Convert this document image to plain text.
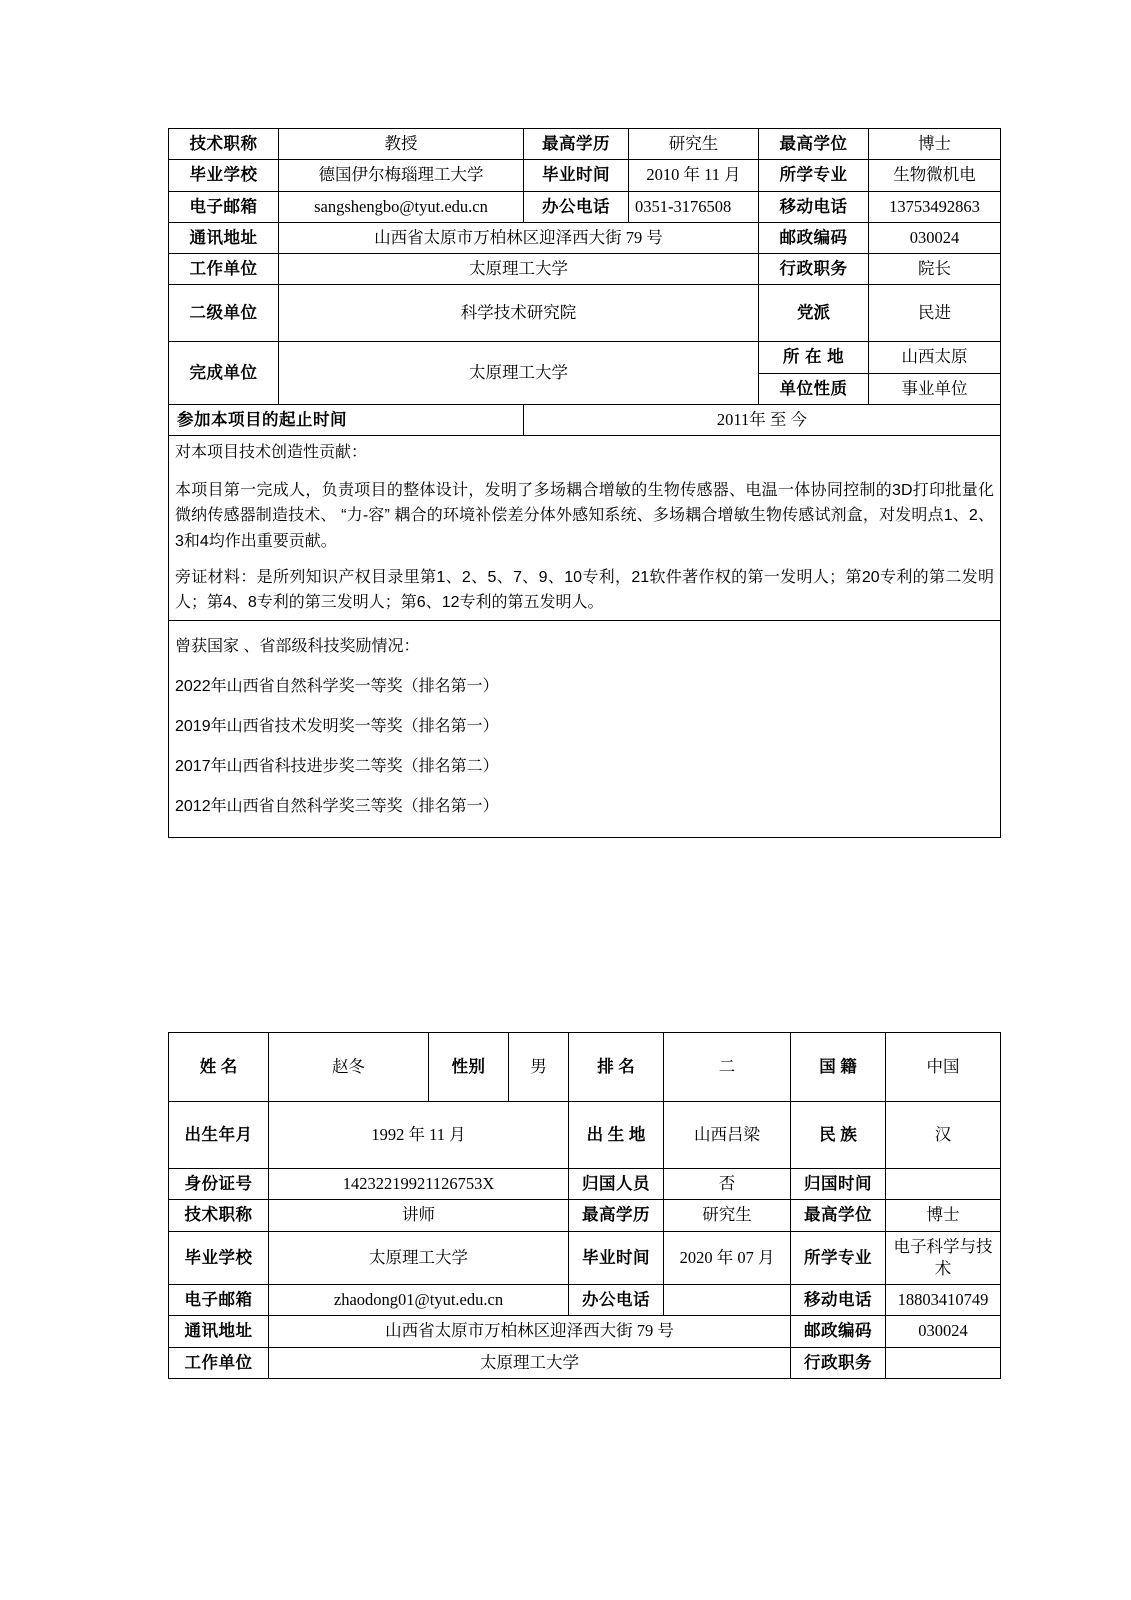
技术职称	教授	最高学历	研究生	最高学位	博士
毕业学校	德国伊尔梅瑙理工大学	毕业时间	2010 年 11 月	所学专业	生物微机电
电子邮箱	sangshengbo@tyut.edu.cn	办公电话	0351-3176508	移动电话	13753492863
通讯地址	山西省太原市万柏林区迎泽西大街 79 号			邮政编码	030024
工作单位	太原理工大学			行政职务	院长
二级单位	科学技术研究院			党派	民进
完成单位	太原理工大学			所 在 地	山西太原
				单位性质	事业单位
参加本项目的起止时间		2011年 至 今			

对本项目技术创造性贡献：

本项目第一完成人，负责项目的整体设计，发明了多场耦合增敏的生物传感器、电温一体协同控制的3D打印批量化微纳传感器制造技术、 “力-容” 耦合的环境补偿差分体外感知系统、多场耦合增敏生物传感试剂盒，对发明点1、2、3和4均作出重要贡献。

旁证材料：是所列知识产权目录里第1、2、5、7、9、10专利，21软件著作权的第一发明人；第20专利的第二发明人；第4、8专利的第三发明人；第6、12专利的第五发明人。					

曾获国家 、省部级科技奖励情况：

2022年山西省自然科学奖一等奖（排名第一）

2019年山西省技术发明奖一等奖（排名第一）

2017年山西省科技进步奖二等奖（排名第二）

2012年山西省自然科学奖三等奖（排名第一）					

姓 名	赵冬	性别	男	排 名	二	国 籍	中国
出生年月	1992 年 11 月			出 生 地	山西吕梁	民 族	汉
身份证号	14232219921126753X			归国人员	否	归国时间	
技术职称	讲师			最高学历	研究生	最高学位	博士
毕业学校	太原理工大学			毕业时间	2020 年 07 月	所学专业	电子科学与技术
电子邮箱	zhaodong01@tyut.edu.cn			办公电话		移动电话	18803410749
通讯地址	山西省太原市万柏林区迎泽西大街 79 号					邮政编码	030024
工作单位	太原理工大学					行政职务	
